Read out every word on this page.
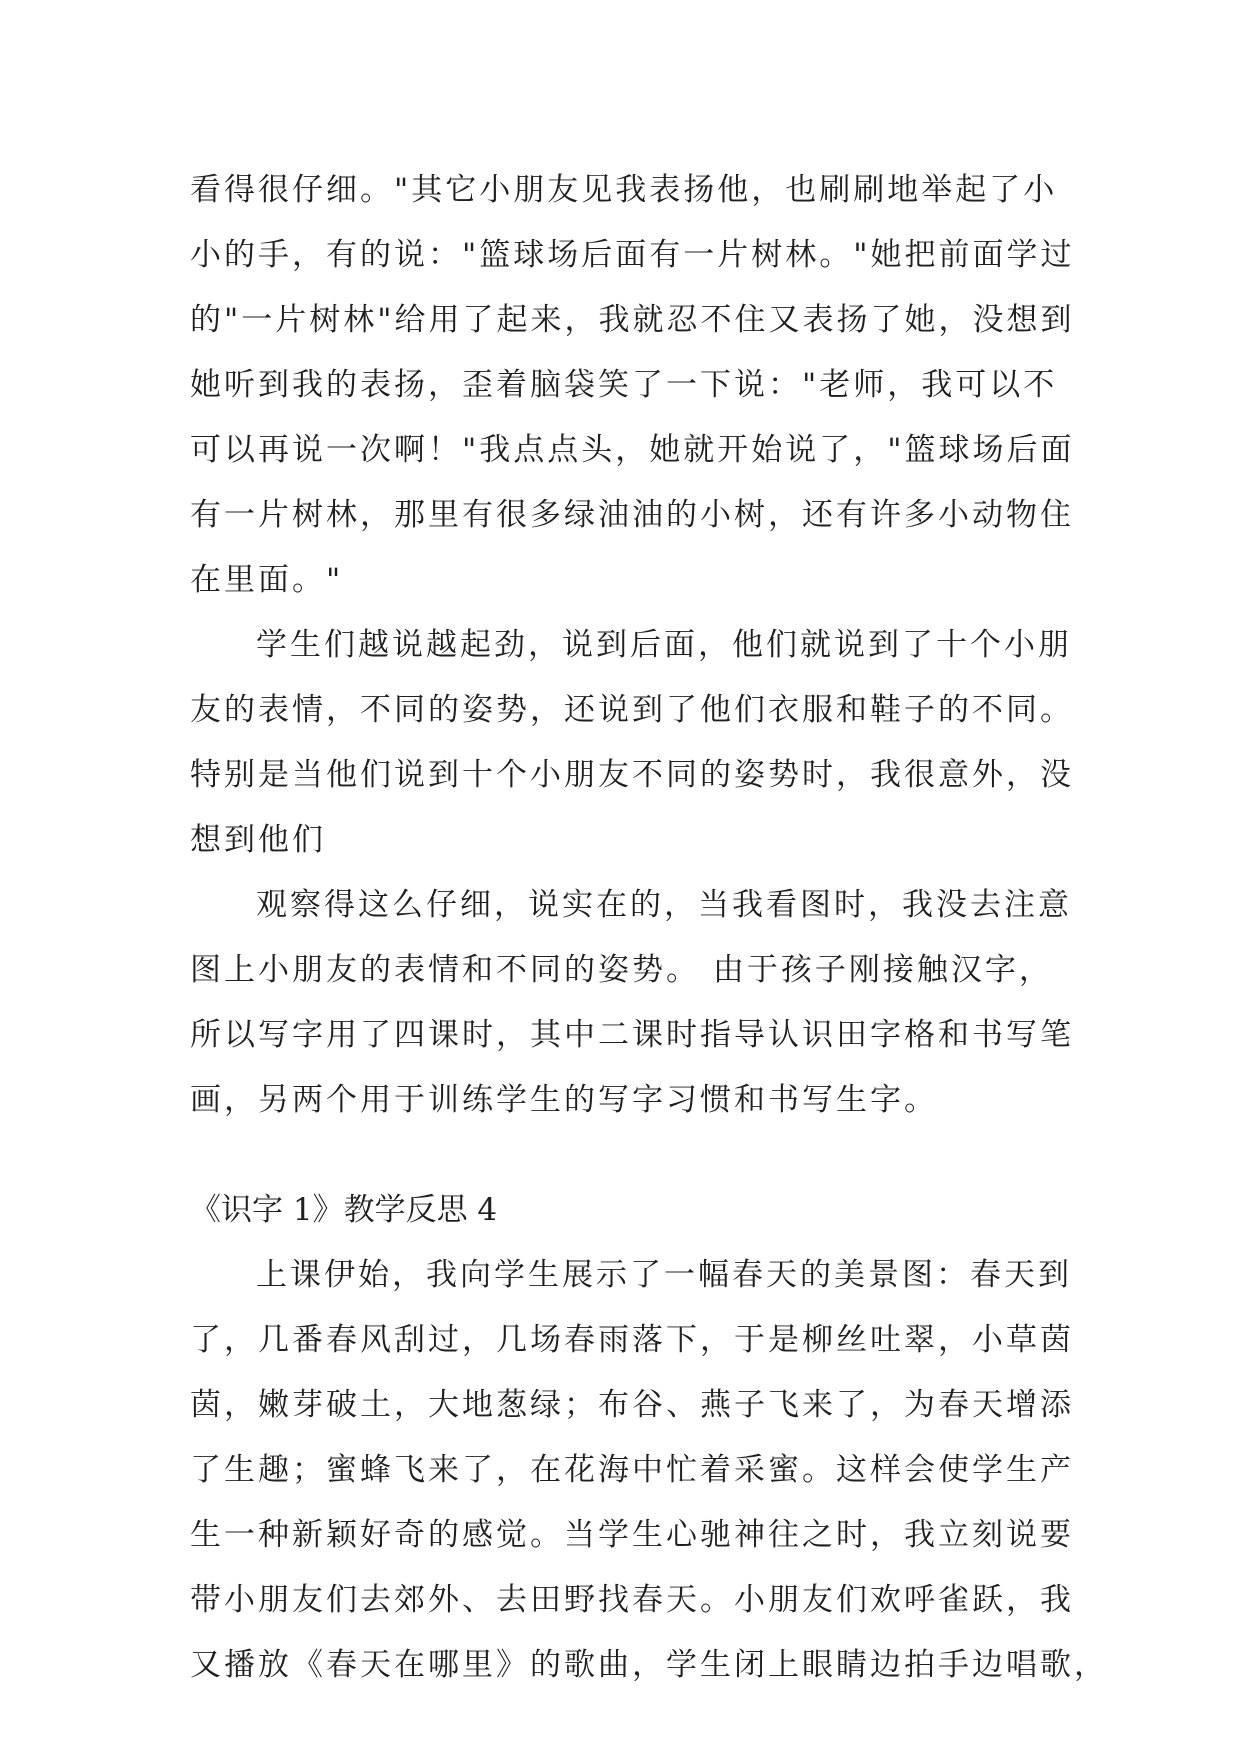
看得很仔细。"其它小朋友见我表扬他，也刷刷地举起了小

小的手，有的说："篮球场后面有一片树林。"她把前面学过

的"一片树林"给用了起来，我就忍不住又表扬了她，没想到

她听到我的表扬，歪着脑袋笑了一下说："老师，我可以不

可以再说一次啊！"我点点头，她就开始说了，"篮球场后面

有一片树林，那里有很多绿油油的小树，还有许多小动物住

在里面。"

学生们越说越起劲，说到后面，他们就说到了十个小朋

友的表情，不同的姿势，还说到了他们衣服和鞋子的不同。

特别是当他们说到十个小朋友不同的姿势时，我很意外，没

想到他们

观察得这么仔细，说实在的，当我看图时，我没去注意

图上小朋友的表情和不同的姿势。 由于孩子刚接触汉字，

所以写字用了四课时，其中二课时指导认识田字格和书写笔

画，另两个用于训练学生的写字习惯和书写生字。

《识字 1》教学反思 4

上课伊始，我向学生展示了一幅春天的美景图：春天到

了，几番春风刮过，几场春雨落下，于是柳丝吐翠，小草茵

茵，嫩芽破土，大地葱绿；布谷、燕子飞来了，为春天增添

了生趣；蜜蜂飞来了，在花海中忙着采蜜。这样会使学生产

生一种新颖好奇的感觉。当学生心驰神往之时，我立刻说要

带小朋友们去郊外、去田野找春天。小朋友们欢呼雀跃，我

又播放《春天在哪里》的歌曲，学生闭上眼睛边拍手边唱歌，
